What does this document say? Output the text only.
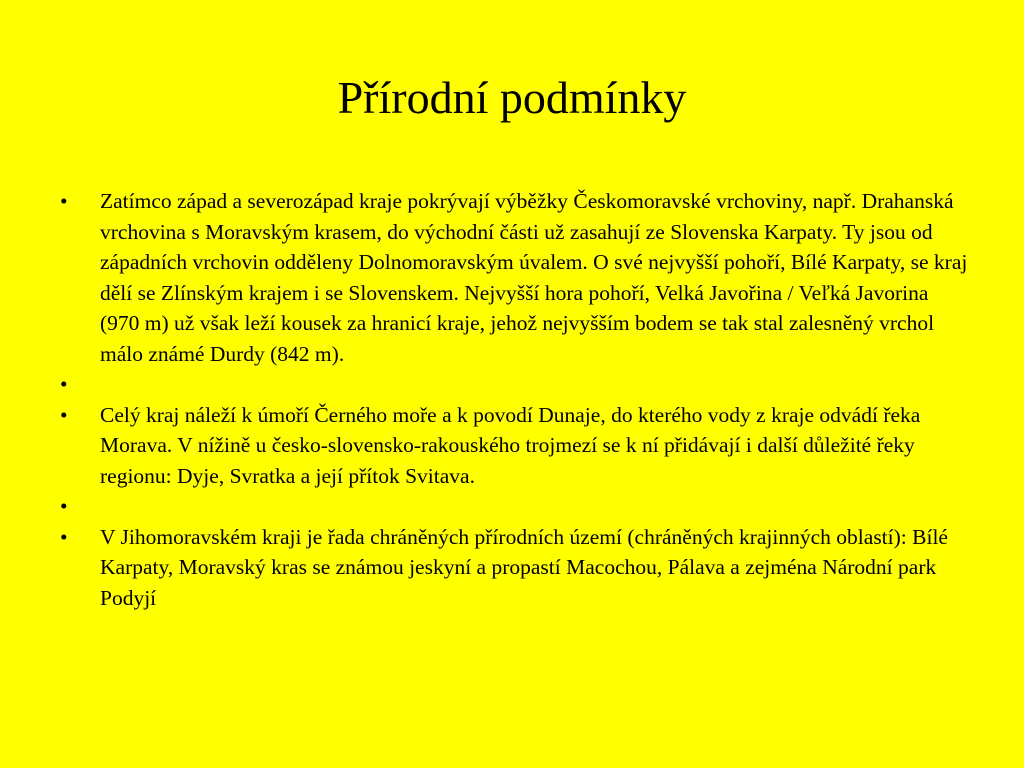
Přírodní podmínky
• Zatímco západ a severozápad kraje pokrývají výběžky Českomoravské vrchoviny, např. Drahanská vrchovina s Moravským krasem, do východní části už zasahují ze Slovenska Karpaty. Ty jsou od západních vrchovin odděleny Dolnomoravským úvalem. O své nejvyšší pohoří, Bílé Karpaty, se kraj dělí se Zlínským krajem i se Slovenskem. Nejvyšší hora pohoří, Velká Javořina / Veľká Javorina (970 m) už však leží kousek za hranicí kraje, jehož nejvyšším bodem se tak stal zalesněný vrchol málo známé Durdy (842 m).
•
• Celý kraj náleží k úmoří Černého moře a k povodí Dunaje, do kterého vody z kraje odvádí řeka Morava. V nížině u česko-slovensko-rakouského trojmezí se k ní přidávají i další důležité řeky regionu: Dyje, Svratka a její přítok Svitava.
•
• V Jihomoravském kraji je řada chráněných přírodních území (chráněných krajinných oblastí): Bílé Karpaty, Moravský kras se známou jeskyní a propastí Macochou, Pálava a zejména Národní park Podyjí
